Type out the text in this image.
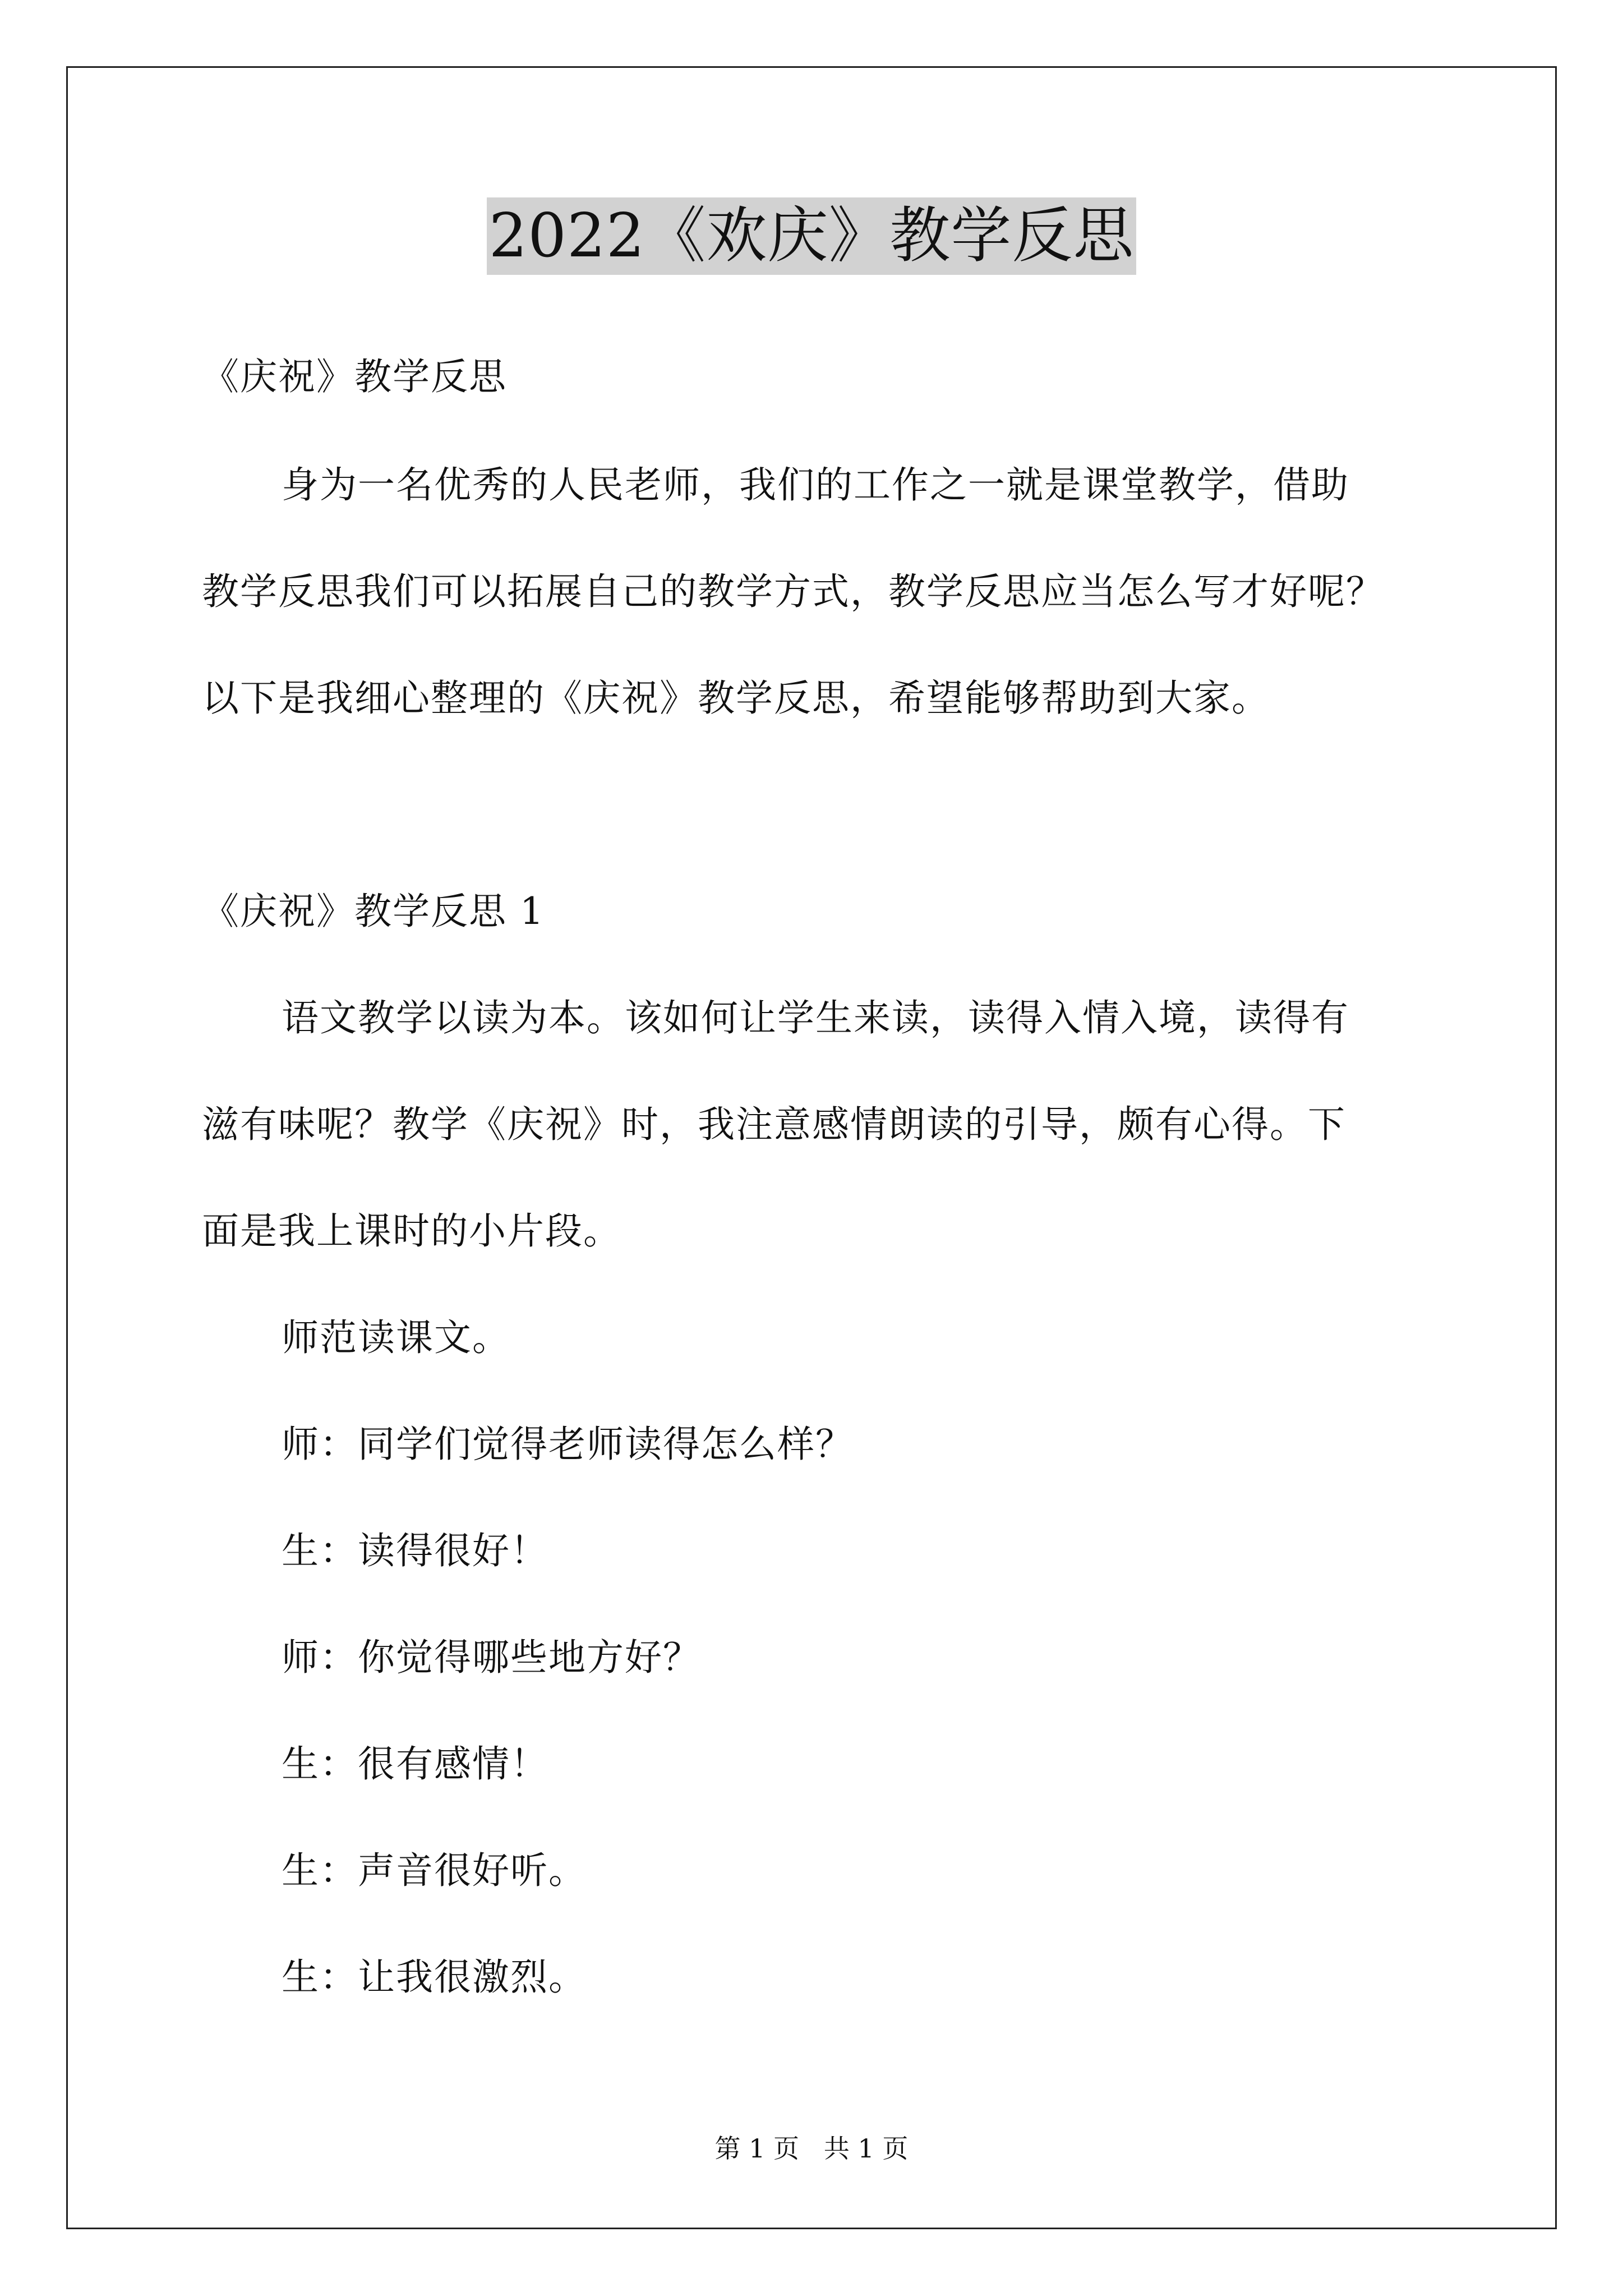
2022《欢庆》教学反思
《庆祝》教学反思
身为一名优秀的人民老师，我们的工作之一就是课堂教学，借助
教学反思我们可以拓展自己的教学方式，教学反思应当怎么写才好呢？
以下是我细心整理的《庆祝》教学反思，希望能够帮助到大家。
《庆祝》教学反思 1
语文教学以读为本。该如何让学生来读，读得入情入境，读得有
滋有味呢？教学《庆祝》时，我注意感情朗读的引导，颇有心得。下
面是我上课时的小片段。
师范读课文。
师：同学们觉得老师读得怎么样？
生：读得很好！
师：你觉得哪些地方好？
生：很有感情！
生：声音很好听。
生：让我很激烈。
第 1 页   共 1 页
